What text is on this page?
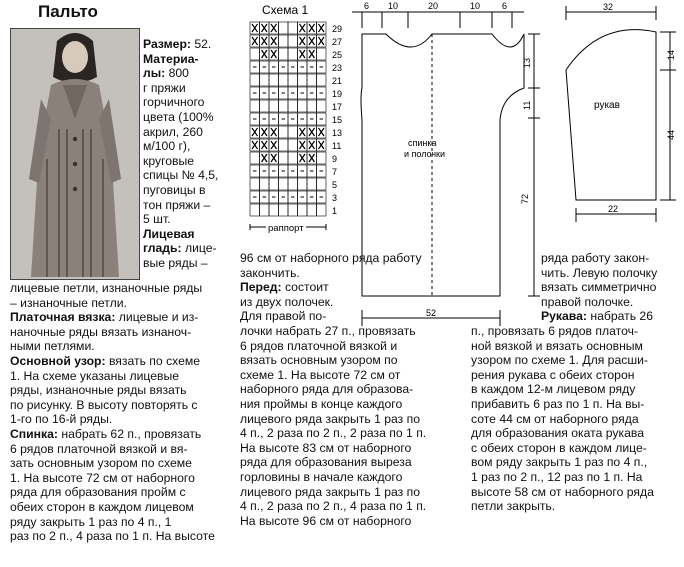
Пальто
Размер: 52.
Материа-
лы: 800
г пряжи
горчичного
цвета (100%
акрил, 260
м/100 г),
круговые
спицы № 4,5,
пуговицы в
тон пряжи –
5 шт.
Лицевая
гладь: лице-
вые ряды –
лицевые петли, изнаночные ряды
– изнаночные петли.
Платочная вязка: лицевые и из-
наночные ряды вязать изнаноч-
ными петлями.
Основной узор: вязать по схеме
1. На схеме указаны лицевые
ряды, изнаночные ряды вязать
по рисунку. В высоту повторять с
1-го по 16-й ряды.
Спинка: набрать 62 п., провязать
6 рядов платочной вязкой и вя-
зать основным узором по схеме
1. На высоте 72 см от наборного
ряда для образования пройм с
обеих сторон в каждом лицевом
ряду закрыть 1 раз по 4 п., 1
раз по 2 п., 4 раза по 1 п. На высоте
Схема 1
29
27
25
23
21
19
17
15
13
11
9
7
5
3
1
раппорт
96 см от наборного ряда работу
закончить.
Перед: состоит
из двух полочек.
Для правой по-
лочки набрать 27 п., провязать
6 рядов платочной вязкой и
вязать основным узором по
схеме 1. На высоте 72 см от
наборного ряда для образова-
ния проймы в конце каждого
лицевого ряда закрыть 1 раз по
4 п., 2 раза по 2 п., 2 раза по 1 п.
На высоте 83 см от наборного
ряда для образования выреза
горловины в начале каждого
лицевого ряда закрыть 1 раз по
4 п., 2 раза по 2 п., 4 раза по 1 п.
На высоте 96 см от наборного
6 10	20	10 6
13
11
72
52
спинка
и полочки
32
14
44
22
рукав
ряда работу закон-
чить. Левую полочку
вязать симметрично
правой полочке.
Рукава: набрать 26
п., провязать 6 рядов платоч-
ной вязкой и вязать основным
узором по схеме 1. Для расши-
рения рукава с обеих сторон
в каждом 12-м лицевом ряду
прибавить 6 раз по 1 п. На вы-
соте 44 см от наборного ряда
для образования оката рукава
с обеих сторон в каждом лице-
вом ряду закрыть 1 раз по 4 п.,
1 раз по 2 п., 12 раз по 1 п. На
высоте 58 см от наборного ряда
петли закрыть.
